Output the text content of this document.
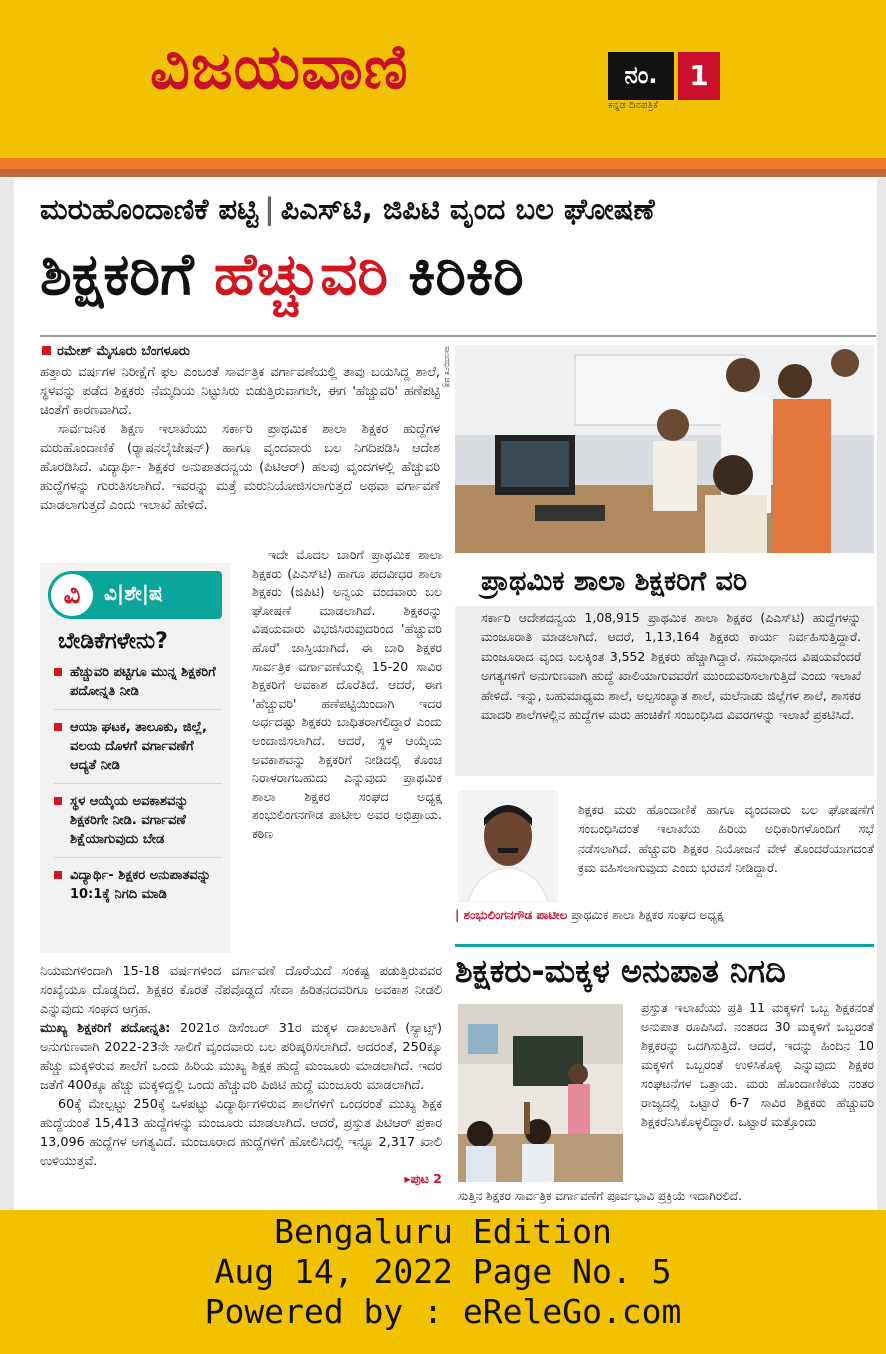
ವಿಜಯವಾಣಿ	ನಂ.	1
ಕನ್ನಡ ದಿನಪತ್ರಿಕೆ
ಮರುಹೊಂದಾಣಿಕೆ ಪಟ್ಟಿ | ಪಿಎಸ್‌ಟಿ, ಜಿಪಿಟಿ ವೃಂದ ಬಲ ಘೋಷಣೆ
ಶಿಕ್ಷಕರಿಗೆ ಹೆಚ್ಚುವರಿ ಕಿರಿಕಿರಿ
ರಮೇಶ್ ಮೈಸೂರು ಬೆಂಗಳೂರು

ಹತ್ತಾರು ವರ್ಷಗಳ ನಿರೀಕ್ಷೆಗೆ ಫಲ ಎಂಬಂತೆ ಸಾರ್ವತ್ರಿಕ ವರ್ಗಾವಣೆಯಲ್ಲಿ ತಾವು ಬಯಸಿದ್ದ ಶಾಲೆ, ಸ್ಥಳವನ್ನು ಪಡೆದ ಶಿಕ್ಷಕರು ನೆಮ್ಮದಿಯ ನಿಟ್ಟುಸಿರು ಬಿಡುತ್ತಿರುವಾಗಲೇ, ಈಗ 'ಹೆಚ್ಚುವರಿ' ಹಣೆಪಟ್ಟಿ ಚಿಂತೆಗೆ ಕಾರಣವಾಗಿದೆ.

ಸಾರ್ವಜನಿಕ ಶಿಕ್ಷಣ ಇಲಾಖೆಯು ಸರ್ಕಾರಿ ಪ್ರಾಥಮಿಕ ಶಾಲಾ ಶಿಕ್ಷಕರ ಹುದ್ದೆಗಳ ಮರುಹೊಂದಾಣಿಕೆ (ರ‍್ಯಾಷನಲೈಜೇಷನ್) ಹಾಗೂ ವೃಂದವಾರು ಬಲ ನಿಗದಿಪಡಿಸಿ ಆದೇಶ ಹೊರಡಿಸಿದೆ. ವಿದ್ಯಾರ್ಥಿ- ಶಿಕ್ಷಕರ ಅನುಪಾತದನ್ವಯ (ಪಿಟಿಆರ್) ಹಲವು ವೃಂದಗಳಲ್ಲಿ ಹೆಚ್ಚುವರಿ ಹುದ್ದೆಗಳನ್ನು ಗುರುತಿಸಲಾಗಿದೆ. ಇವರನ್ನು ಮತ್ತೆ ಮರುನಿಯೋಜಿಸಲಾಗುತ್ತದೆ ಅಥವಾ ವರ್ಗಾವಣೆ ಮಾಡಲಾಗುತ್ತದೆ ಎಂದು ಇಲಾಖೆ ಹೇಳಿದೆ.

ಸಾಂದರ್ಭಿಕ ಚಿತ್ರ
ವಿ	ವಿ|ಶೇ|ಷ
ಬೇಡಿಕೆಗಳೇನು?
ಹೆಚ್ಚುವರಿ ಪಟ್ಟಿಗೂ ಮುನ್ನ ಶಿಕ್ಷಕರಿಗೆ ಪದೋನ್ನತಿ ನೀಡಿ
ಆಯಾ ಘಟಕ, ತಾಲೂಕು, ಜಿಲ್ಲೆ, ವಲಯ ದೊಳಗೆ ವರ್ಗಾವಣೆಗೆ ಆದ್ಯತೆ ನೀಡಿ
ಸ್ಥಳ ಆಯ್ಕೆಯ ಅವಕಾಶವನ್ನು ಶಿಕ್ಷಕರಿಗೇ ನೀಡಿ. ವರ್ಗಾವಣೆ ಶಿಕ್ಷೆಯಾಗುವುದು ಬೇಡ
ವಿದ್ಯಾರ್ಥಿ- ಶಿಕ್ಷಕರ ಅನುಪಾತವನ್ನು 10:1ಕ್ಕೆ ನಿಗದಿ ಮಾಡಿ

ಇದೇ ಮೊದಲ ಬಾರಿಗೆ ಪ್ರಾಥಮಿಕ ಶಾಲಾ ಶಿಕ್ಷಕರು (ಪಿಎಸ್‌ಟಿ) ಹಾಗೂ ಪದವೀಧರ ಶಾಲಾ ಶಿಕ್ಷಕರು (ಜಿಪಿಟಿ) ಅನ್ವಯ ವಂದವಾರು ಬಲ ಘೋಷಣೆ ಮಾಡಲಾಗಿದೆ. ಶಿಕ್ಷಕರನ್ನು ವಿಷಯವಾರು ವಿಭಜಿಸಿರುವುದರಿಂದ 'ಹೆಚ್ಚುವರಿ ಹೊರೆ' ಜಾಸ್ತಿಯಾಗಿದೆ. ಈ ಬಾರಿ ಶಿಕ್ಷಕರ ಸಾರ್ವತ್ರಿಕ ವರ್ಗಾವಣೆಯಲ್ಲಿ 15-20 ಸಾವಿರ ಶಿಕ್ಷಕರಿಗೆ ಅವಕಾಶ ದೊರೆತಿದೆ. ಆದರೆ, ಈಗ 'ಹೆಚ್ಚುವರಿ' ಹಣೆಪಟ್ಟಿಯಿಂದಾಗಿ ಇದರ ಅರ್ಧದಷ್ಟು ಶಿಕ್ಷಕರು ಬಾಧಿತರಾಗಲಿದ್ದಾರೆ ಎಂದು ಅಂದಾಜಿಸಲಾಗಿದೆ. ಆದರೆ, ಸ್ಥಳ ಆಯ್ಕೆಯ ಅವಕಾಶವನ್ನು ಶಿಕ್ಷಕರಿಗೆ ನೀಡಿದಲ್ಲಿ ಕೊಂಚ ನಿರಾಳರಾಗಬಹುದು ಎನ್ನುವುದು ಪ್ರಾಥಮಿಕ ಶಾಲಾ ಶಿಕ್ಷಕರ ಸಂಘದ ಅಧ್ಯಕ್ಷ ಶಂಭುಲಿಂಗನಗೌಡ ಪಾಟೀಲ ಅವರ ಅಭಿಪ್ರಾಯ. ಕಠಿಣ

ನಿಯಮಗಳಿಂದಾಗಿ 15-18 ವರ್ಷಗಳಿಂದ ವರ್ಗಾವಣೆ ದೊರೆಯದೆ ಸಂಕಷ್ಟ ಪಡುತ್ತಿರುವವರ ಸಂಖ್ಯೆಯೂ ದೊಡ್ಡದಿದೆ. ಶಿಕ್ಷಕರ ಕೊರತೆ ನೆಪವೊಡ್ಡದೆ ಸೇವಾ ಹಿರಿತನದವರಿಗೂ ಅವಕಾಶ ನೀಡಲಿ ಎನ್ನುವುದು ಸಂಘದ ಆಗ್ರಹ.

ಮುಖ್ಯ ಶಿಕ್ಷಕರಿಗೆ ಪದೋನ್ನತಿ: 2021ರ ಡಿಸೆಂಬರ್ 31ರ ಮಕ್ಕಳ ದಾಖಲಾತಿಗೆ (ಸ್ಯಾಟ್ಸ್) ಅನುಗುಣವಾಗಿ 2022-23ನೇ ಸಾಲಿಗೆ ವೃಂದವಾರು ಬಲ ಪರಿಷ್ಕರಿಸಲಾಗಿದೆ. ಅದರಂತೆ, 250ಕ್ಕೂ ಹೆಚ್ಚು ಮಕ್ಕಳಿರುವ ಶಾಲೆಗೆ ಒಂದು ಹಿರಿಯ ಮುಖ್ಯ ಶಿಕ್ಷಕ ಹುದ್ದೆ ಮಂಜೂರು ಮಾಡಲಾಗಿದೆ. ಇದರ ಜತೆಗೆ 400ಕ್ಕೂ ಹೆಚ್ಚು ಮಕ್ಕಳಿದ್ದಲ್ಲಿ ಒಂದು ಹೆಚ್ಚುವರಿ ಪಿಜಿಟಿ ಹುದ್ದೆ ಮಂಜೂರು ಮಾಡಲಾಗಿದೆ.

60ಕ್ಕೆ ಮೇಲ್ಪಟ್ಟು 250ಕ್ಕೆ ಒಳಪಟ್ಟು ವಿದ್ಯಾರ್ಥಿಗಳಿರುವ ಶಾಲೆಗಳಿಗೆ ಒಂದರಂತೆ ಮುಖ್ಯ ಶಿಕ್ಷಕ ಹುದ್ದೆಯಂತೆ 15,413 ಹುದ್ದೆಗಳನ್ನು ಮಂಜೂರು ಮಾಡಲಾಗಿದೆ. ಆದರೆ, ಪ್ರಸ್ತುತ ಪಿಟಿಆರ್ ಪ್ರಕಾರ 13,096 ಹುದ್ದೆಗಳ ಅಗತ್ಯವಿದೆ. ಮಂಜೂರಾದ ಹುದ್ದೆಗಳಿಗೆ ಹೋಲಿಸಿದಲ್ಲಿ ಇನ್ನೂ 2,317 ಖಾಲಿ ಉಳಿಯುತ್ತವೆ.

▸ಪುಟ 2
ಪ್ರಾಥಮಿಕ ಶಾಲಾ ಶಿಕ್ಷಕರಿಗೆ ವರಿ

ಸರ್ಕಾರಿ ಆದೇಶದನ್ವಯ 1,08,915 ಪ್ರಾಥಮಿಕ ಶಾಲಾ ಶಿಕ್ಷಕರ (ಪಿಎಸ್‌ಟಿ) ಹುದ್ದೆಗಳನ್ನು ಮಂಜೂರಾತಿ ಮಾಡಲಾಗಿದೆ. ಆದರೆ, 1,13,164 ಶಿಕ್ಷಕರು ಕಾರ್ಯ ನಿರ್ವಹಿಸುತ್ತಿದ್ದಾರೆ. ಮಂಜೂರಾದ ವೃಂದ ಬಲಕ್ಕಿಂತ 3,552 ಶಿಕ್ಷಕರು ಹೆಚ್ಚಾಗಿದ್ದಾರೆ. ಸಮಾಧಾನದ ವಿಷಯವೆಂದರೆ ಅಗತ್ಯಗಳಿಗೆ ಅನುಗುಣವಾಗಿ ಹುದ್ದೆ ಖಾಲಿಯಾಗುವವರೆಗೆ ಮುಂದುವರಿಸಲಾಗುತ್ತಿದೆ ಎಂದು ಇಲಾಖೆ ಹೇಳಿದೆ. ಇನ್ನು, ಬಹುಮಾಧ್ಯಮ ಶಾಲೆ, ಅಲ್ಪಸಂಖ್ಯಾತ ಶಾಲೆ, ಮಲೆನಾಡು ಜಿಲ್ಲೆಗಳ ಶಾಲೆ, ಶಾಸಕರ ಮಾದರಿ ಶಾಲೆಗಳಲ್ಲಿನ ಹುದ್ದೆಗಳ ಮರು ಹಂಚಿಕೆಗೆ ಸಂಬಂಧಿಸಿದ ವಿವರಗಳನ್ನು ಇಲಾಖೆ ಪ್ರಕಟಿಸಿದೆ.

ಶಿಕ್ಷಕರ ಮರು ಹೊಂದಾಣಿಕೆ ಹಾಗೂ ವೃಂದವಾರು ಬಲ ಘೋಷಣೆಗೆ ಸಂಬಂಧಿಸಿದಂತೆ ಇಲಾಖೆಯ ಹಿರಿಯ ಅಧಿಕಾರಿಗಳೊಂದಿಗೆ ಸಭೆ ನಡೆಸಲಾಗಿದೆ. ಹೆಚ್ಚುವರಿ ಶಿಕ್ಷಕರ ನಿಯೋಜನೆ ವೇಳೆ ತೊಂದರೆಯಾಗದಂತೆ ಕ್ರಮ ವಹಿಸಲಾಗುವುದು ಎಂದು ಭರವಸೆ ನೀಡಿದ್ದಾರೆ.

| ಶಂಭುಲಿಂಗನಗೌಡ ಪಾಟೀಲ ಪ್ರಾಥಮಿಕ ಶಾಲಾ ಶಿಕ್ಷಕರ ಸಂಘದ ಅಧ್ಯಕ್ಷ
ಶಿಕ್ಷಕರು-ಮಕ್ಕಳ ಅನುಪಾತ ನಿಗದಿ

ಪ್ರಸ್ತುತ ಇಲಾಖೆಯು ಪ್ರತಿ 11 ಮಕ್ಕಳಿಗೆ ಒಬ್ಬ ಶಿಕ್ಷಕನಂತೆ ಅನುಪಾತ ರೂಪಿಸಿದೆ. ನಂತರದ 30 ಮಕ್ಕಳಿಗೆ ಒಬ್ಬರಂತೆ ಶಿಕ್ಷಕರನ್ನು ಒದಗಿಸುತ್ತಿದೆ. ಆದರೆ, ಇದನ್ನು ಹಿಂದಿನ 10 ಮಕ್ಕಳಿಗೆ ಒಬ್ಬರಂತೆ ಉಳಿಸಿಕೊಳ್ಳಿ ಎನ್ನುವುದು ಶಿಕ್ಷಕರ ಸಂಘಟನೆಗಳ ಒತ್ತಾಯ. ಮರು ಹೊಂದಾಣಿಕೆಯ ನಂತರ ರಾಜ್ಯದಲ್ಲಿ ಒಟ್ಟಾರೆ 6-7 ಸಾವಿರ ಶಿಕ್ಷಕರು ಹೆಚ್ಚುವರಿ ಶಿಕ್ಷಕರೆನಿಸಿಕೊಳ್ಳಲಿದ್ದಾರೆ. ಒಟ್ಟಾರೆ ಮತ್ತೊಂದು

ಸುತ್ತಿನ ಶಿಕ್ಷಕರ ಸಾರ್ವತ್ರಿಕ ವರ್ಗಾವಣೆಗೆ ಪೂರ್ವಭಾವಿ ಪ್ರಕ್ರಿಯೆ ಇದಾಗಿರಲಿದೆ.
Bengaluru Edition
Aug 14, 2022 Page No. 5
Powered by : eReleGo.com
